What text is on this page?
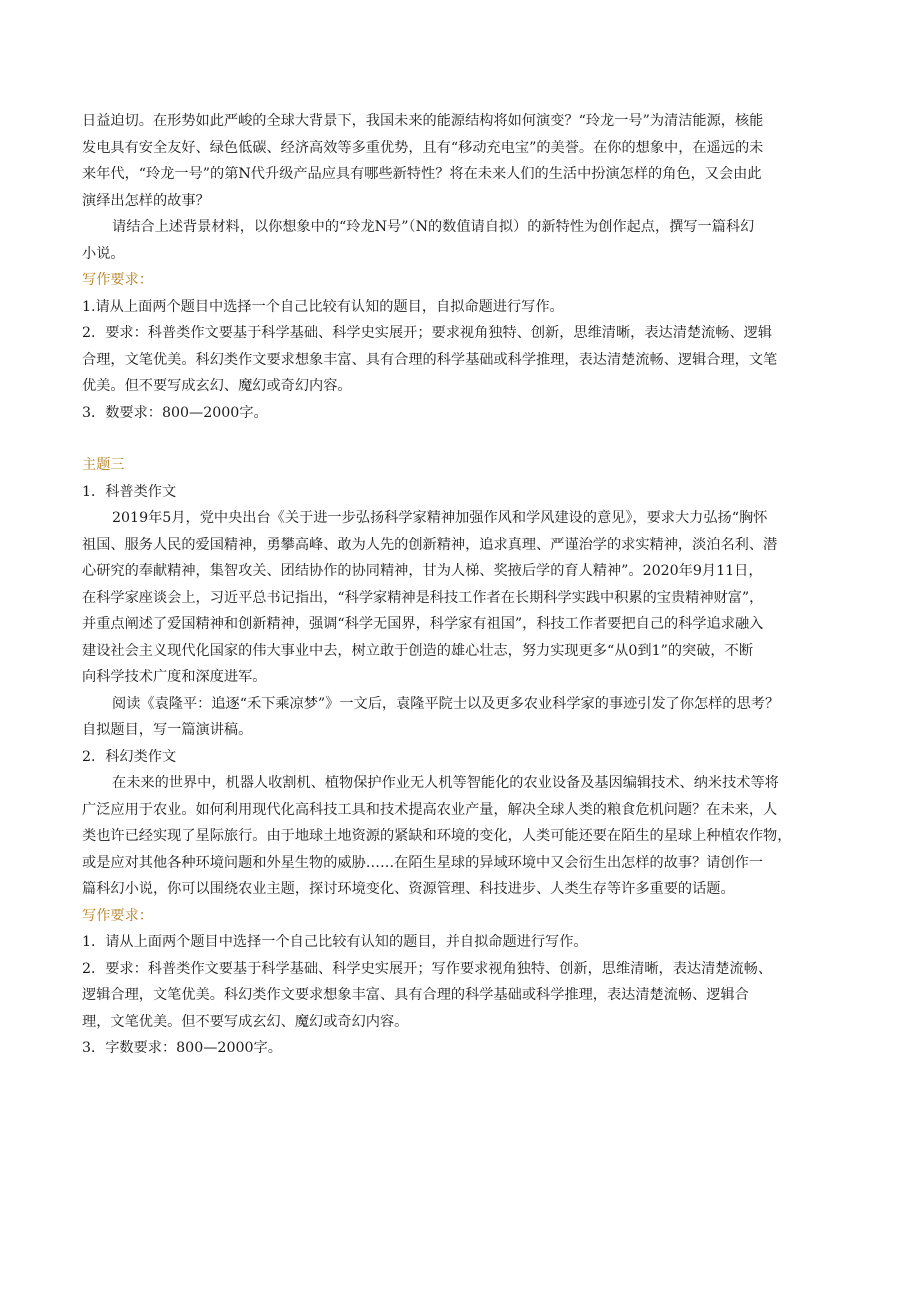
日益迫切。在形势如此严峻的全球大背景下，我国未来的能源结构将如何演变？“玲龙一号”为清洁能源，核能
发电具有安全友好、绿色低碳、经济高效等多重优势，且有“移动充电宝”的美誉。在你的想象中，在遥远的未
来年代，“玲龙一号”的第N代升级产品应具有哪些新特性？将在未来人们的生活中扮演怎样的角色，又会由此
演绎出怎样的故事？
请结合上述背景材料，以你想象中的“玲龙N号”（N的数值请自拟）的新特性为创作起点，撰写一篇科幻
小说。
写作要求：
1.请从上面两个题目中选择一个自己比较有认知的题目，自拟命题进行写作。
2．要求：科普类作文要基于科学基础、科学史实展开；要求视角独特、创新，思维清晰，表达清楚流畅、逻辑
合理，文笔优美。科幻类作文要求想象丰富、具有合理的科学基础或科学推理，表达清楚流畅、逻辑合理，文笔
优美。但不要写成玄幻、魔幻或奇幻内容。
3．数要求：800—2000字。
主题三
1．科普类作文
2019年5月，党中央出台《关于进一步弘扬科学家精神加强作风和学风建设的意见》，要求大力弘扬“胸怀
祖国、服务人民的爱国精神，勇攀高峰、敢为人先的创新精神，追求真理、严谨治学的求实精神，淡泊名利、潜
心研究的奉献精神，集智攻关、团结协作的协同精神，甘为人梯、奖掖后学的育人精神”。2020年9月11日，
在科学家座谈会上，习近平总书记指出，“科学家精神是科技工作者在长期科学实践中积累的宝贵精神财富”，
并重点阐述了爱国精神和创新精神，强调“科学无国界，科学家有祖国”，科技工作者要把自己的科学追求融入
建设社会主义现代化国家的伟大事业中去，树立敢于创造的雄心壮志，努力实现更多“从0到1”的突破，不断
向科学技术广度和深度进军。
阅读《袁隆平：追逐“禾下乘凉梦”》一文后，袁隆平院士以及更多农业科学家的事迹引发了你怎样的思考？
自拟题目，写一篇演讲稿。
2．科幻类作文
在未来的世界中，机器人收割机、植物保护作业无人机等智能化的农业设备及基因编辑技术、纳米技术等将
广泛应用于农业。如何利用现代化高科技工具和技术提高农业产量，解决全球人类的粮食危机问题？在未来，人
类也许已经实现了星际旅行。由于地球土地资源的紧缺和环境的变化，人类可能还要在陌生的星球上种植农作物，
或是应对其他各种环境问题和外星生物的威胁……在陌生星球的异域环境中又会衍生出怎样的故事？请创作一
篇科幻小说，你可以围绕农业主题，探讨环境变化、资源管理、科技进步、人类生存等许多重要的话题。
写作要求：
1．请从上面两个题目中选择一个自己比较有认知的题目，并自拟命题进行写作。
2．要求：科普类作文要基于科学基础、科学史实展开；写作要求视角独特、创新，思维清晰，表达清楚流畅、
逻辑合理，文笔优美。科幻类作文要求想象丰富、具有合理的科学基础或科学推理，表达清楚流畅、逻辑合
理，文笔优美。但不要写成玄幻、魔幻或奇幻内容。
3．字数要求：800—2000字。
